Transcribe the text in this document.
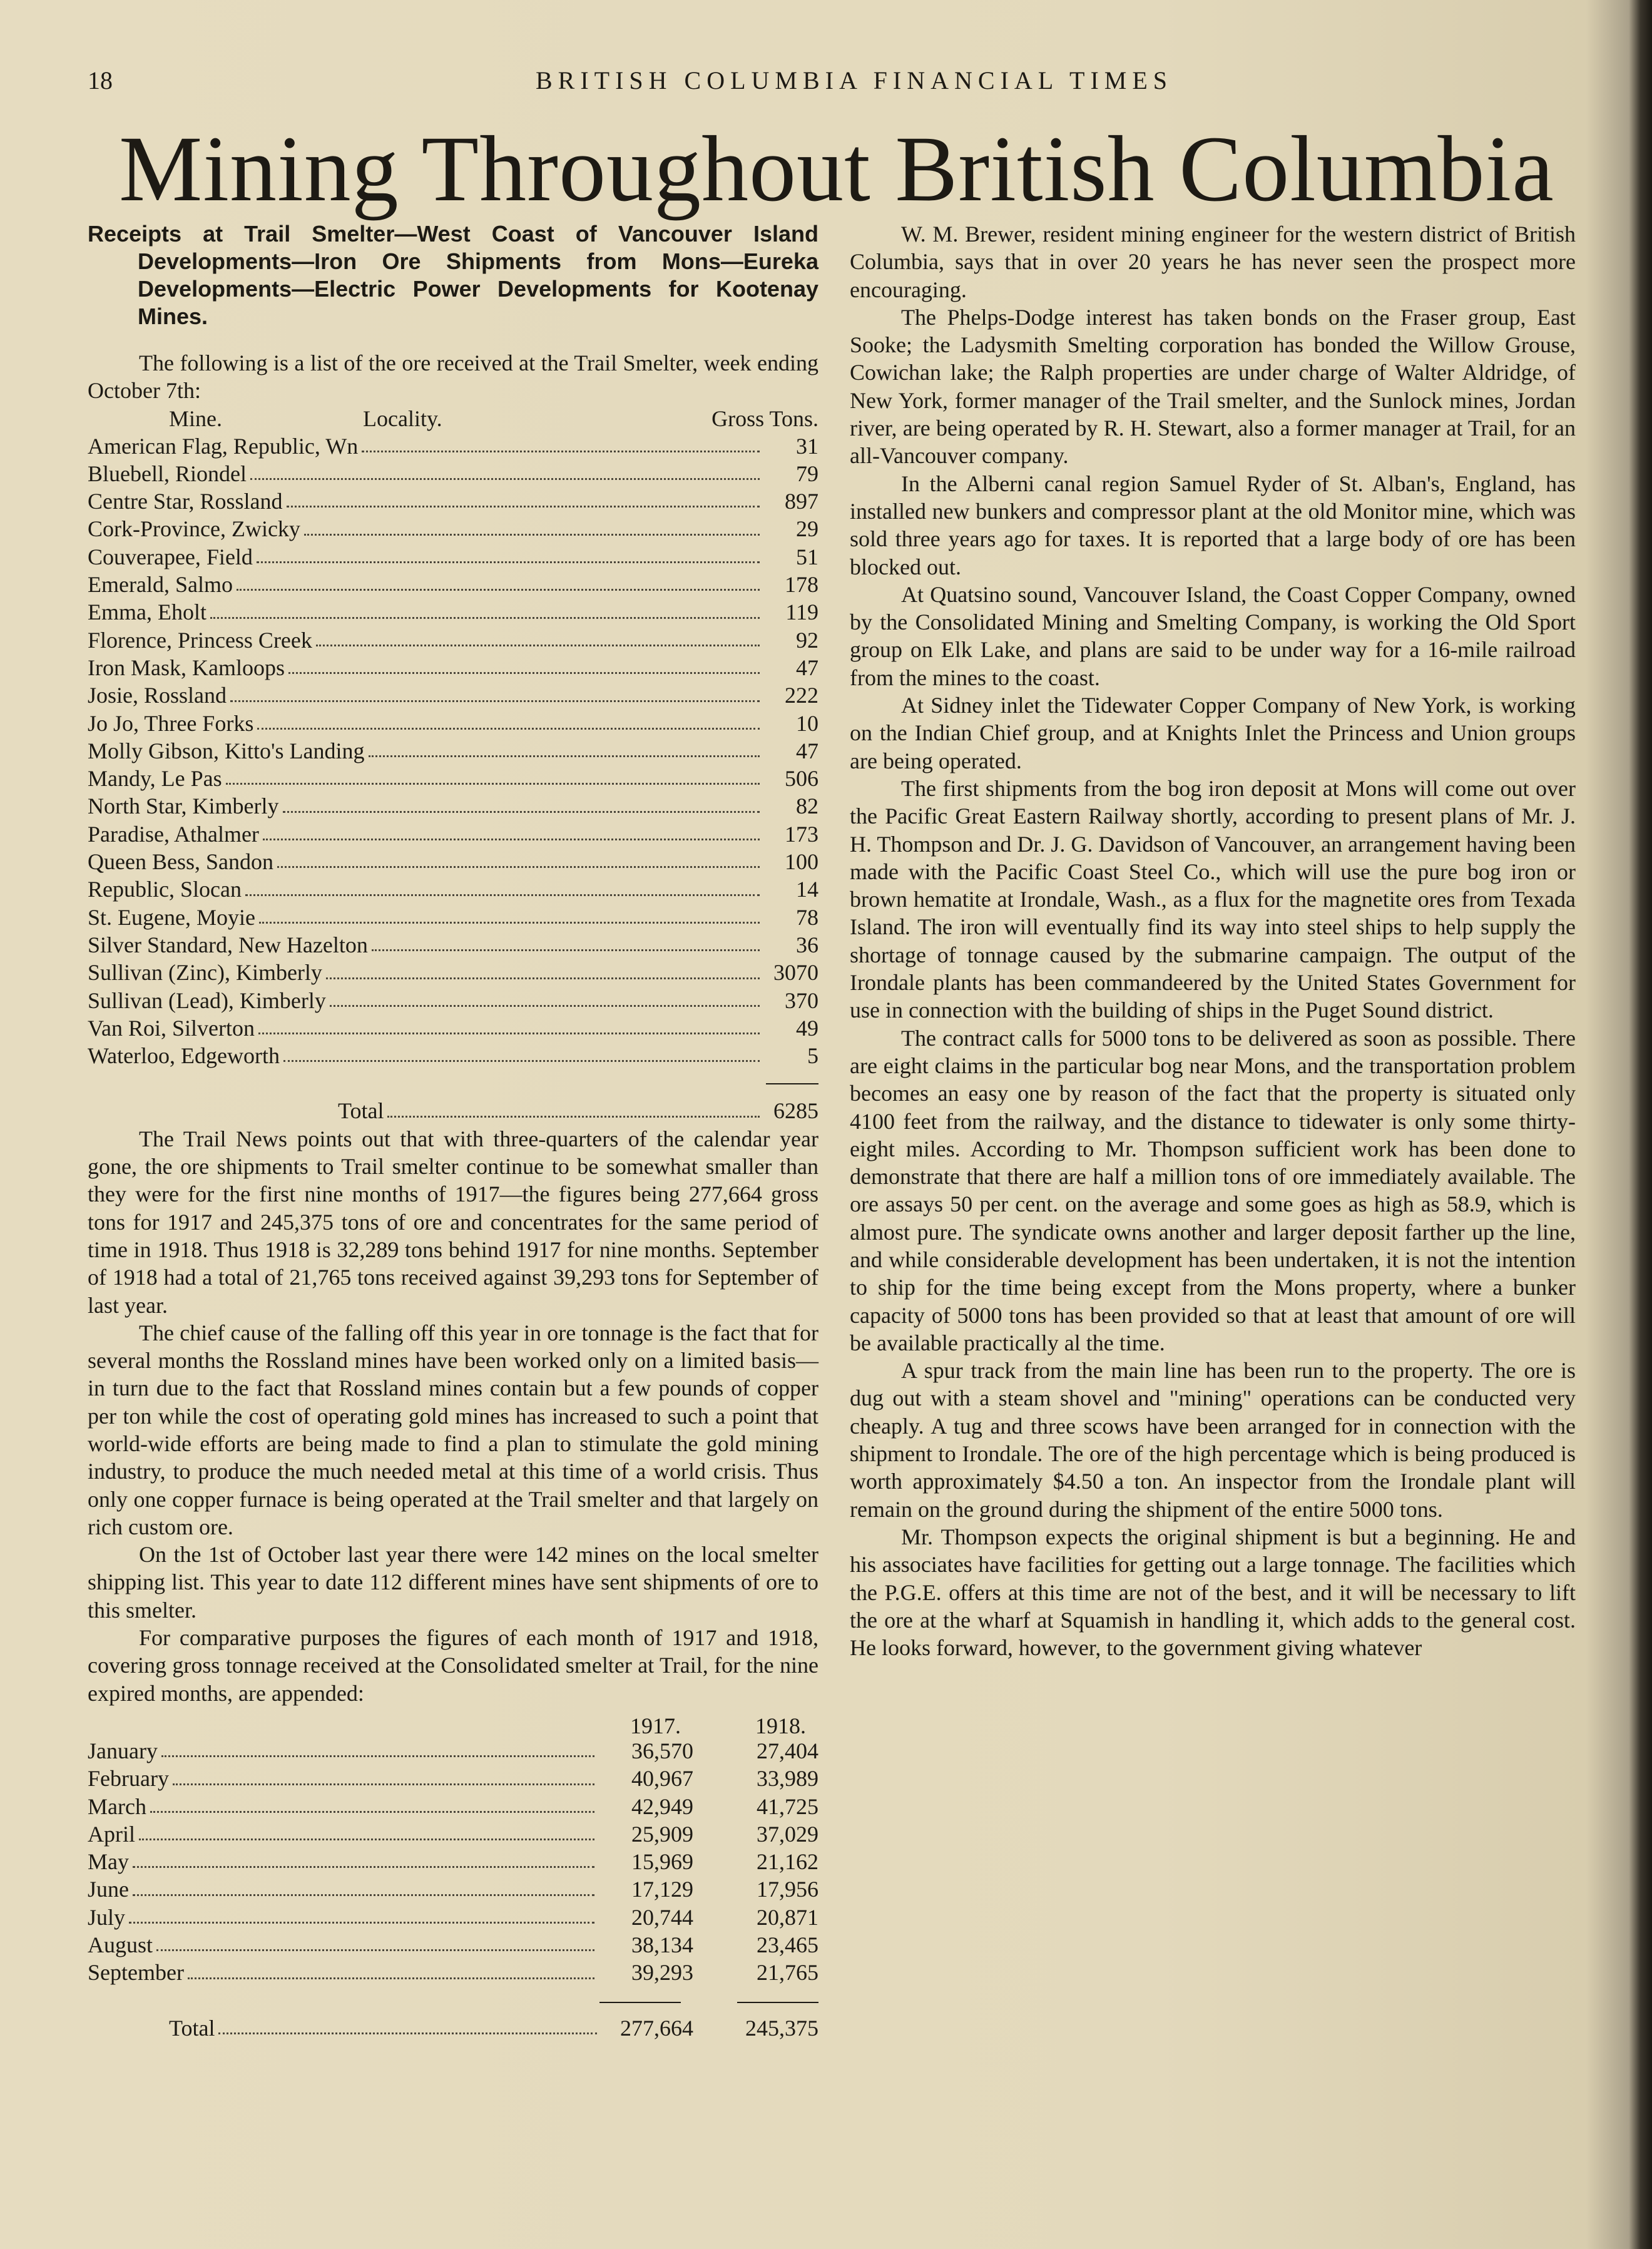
18	BRITISH COLUMBIA FINANCIAL TIMES
Mining Throughout British Columbia
Receipts at Trail Smelter—West Coast of Vancouver Island Developments—Iron Ore Shipments from Mons—Eureka Developments—Electric Power Developments for Kootenay Mines.

The following is a list of the ore received at the Trail Smelter, week ending October 7th:

Mine.	Locality.	Gross Tons.
American Flag, Republic, Wn	31
Bluebell, Riondel	79
Centre Star, Rossland	897
Cork-Province, Zwicky	29
Couverapee, Field	51
Emerald, Salmo	178
Emma, Eholt	119
Florence, Princess Creek	92
Iron Mask, Kamloops	47
Josie, Rossland	222
Jo Jo, Three Forks	10
Molly Gibson, Kitto's Landing	47
Mandy, Le Pas	506
North Star, Kimberly	82
Paradise, Athalmer	173
Queen Bess, Sandon	100
Republic, Slocan	14
St. Eugene, Moyie	78
Silver Standard, New Hazelton	36
Sullivan (Zinc), Kimberly	3070
Sullivan (Lead), Kimberly	370
Van Roi, Silverton	49
Waterloo, Edgeworth	5
Total	6285

The Trail News points out that with three-quarters of the calendar year gone, the ore shipments to Trail smelter continue to be somewhat smaller than they were for the first nine months of 1917—the figures being 277,664 gross tons for 1917 and 245,375 tons of ore and concentrates for the same period of time in 1918. Thus 1918 is 32,289 tons behind 1917 for nine months. September of 1918 had a total of 21,765 tons received against 39,293 tons for September of last year.

The chief cause of the falling off this year in ore tonnage is the fact that for several months the Rossland mines have been worked only on a limited basis—in turn due to the fact that Rossland mines contain but a few pounds of copper per ton while the cost of operating gold mines has increased to such a point that world-wide efforts are being made to find a plan to stimulate the gold mining industry, to produce the much needed metal at this time of a world crisis. Thus only one copper furnace is being operated at the Trail smelter and that largely on rich custom ore.

On the 1st of October last year there were 142 mines on the local smelter shipping list. This year to date 112 different mines have sent shipments of ore to this smelter.

For comparative purposes the figures of each month of 1917 and 1918, covering gross tonnage received at the Consolidated smelter at Trail, for the nine expired months, are appended:

1917.	1918.
January	36,570	27,404
February	40,967	33,989
March	42,949	41,725
April	25,909	37,029
May	15,969	21,162
June	17,129	17,956
July	20,744	20,871
August	38,134	23,465
September	39,293	21,765
Total	277,664	245,375

W. M. Brewer, resident mining engineer for the western district of British Columbia, says that in over 20 years he has never seen the prospect more encouraging.

The Phelps-Dodge interest has taken bonds on the Fraser group, East Sooke; the Ladysmith Smelting corporation has bonded the Willow Grouse, Cowichan lake; the Ralph properties are under charge of Walter Aldridge, of New York, former manager of the Trail smelter, and the Sunlock mines, Jordan river, are being operated by R. H. Stewart, also a former manager at Trail, for an all-Vancouver company.

In the Alberni canal region Samuel Ryder of St. Alban's, England, has installed new bunkers and compressor plant at the old Monitor mine, which was sold three years ago for taxes. It is reported that a large body of ore has been blocked out.

At Quatsino sound, Vancouver Island, the Coast Copper Company, owned by the Consolidated Mining and Smelting Company, is working the Old Sport group on Elk Lake, and plans are said to be under way for a 16-mile railroad from the mines to the coast.

At Sidney inlet the Tidewater Copper Company of New York, is working on the Indian Chief group, and at Knights Inlet the Princess and Union groups are being operated.

The first shipments from the bog iron deposit at Mons will come out over the Pacific Great Eastern Railway shortly, according to present plans of Mr. J. H. Thompson and Dr. J. G. Davidson of Vancouver, an arrangement having been made with the Pacific Coast Steel Co., which will use the pure bog iron or brown hematite at Irondale, Wash., as a flux for the magnetite ores from Texada Island. The iron will eventually find its way into steel ships to help supply the shortage of tonnage caused by the submarine campaign. The output of the Irondale plants has been commandeered by the United States Government for use in connection with the building of ships in the Puget Sound district.

The contract calls for 5000 tons to be delivered as soon as possible. There are eight claims in the particular bog near Mons, and the transportation problem becomes an easy one by reason of the fact that the property is situated only 4100 feet from the railway, and the distance to tidewater is only some thirty-eight miles. According to Mr. Thompson sufficient work has been done to demonstrate that there are half a million tons of ore immediately available. The ore assays 50 per cent. on the average and some goes as high as 58.9, which is almost pure. The syndicate owns another and larger deposit farther up the line, and while considerable development has been undertaken, it is not the intention to ship for the time being except from the Mons property, where a bunker capacity of 5000 tons has been provided so that at least that amount of ore will be available practically al the time.

A spur track from the main line has been run to the property. The ore is dug out with a steam shovel and "mining" operations can be conducted very cheaply. A tug and three scows have been arranged for in connection with the shipment to Irondale. The ore of the high percentage which is being produced is worth approximately $4.50 a ton. An inspector from the Irondale plant will remain on the ground during the shipment of the entire 5000 tons.

Mr. Thompson expects the original shipment is but a beginning. He and his associates have facilities for getting out a large tonnage. The facilities which the P.G.E. offers at this time are not of the best, and it will be necessary to lift the ore at the wharf at Squamish in handling it, which adds to the general cost. He looks forward, however, to the government giving whatever
